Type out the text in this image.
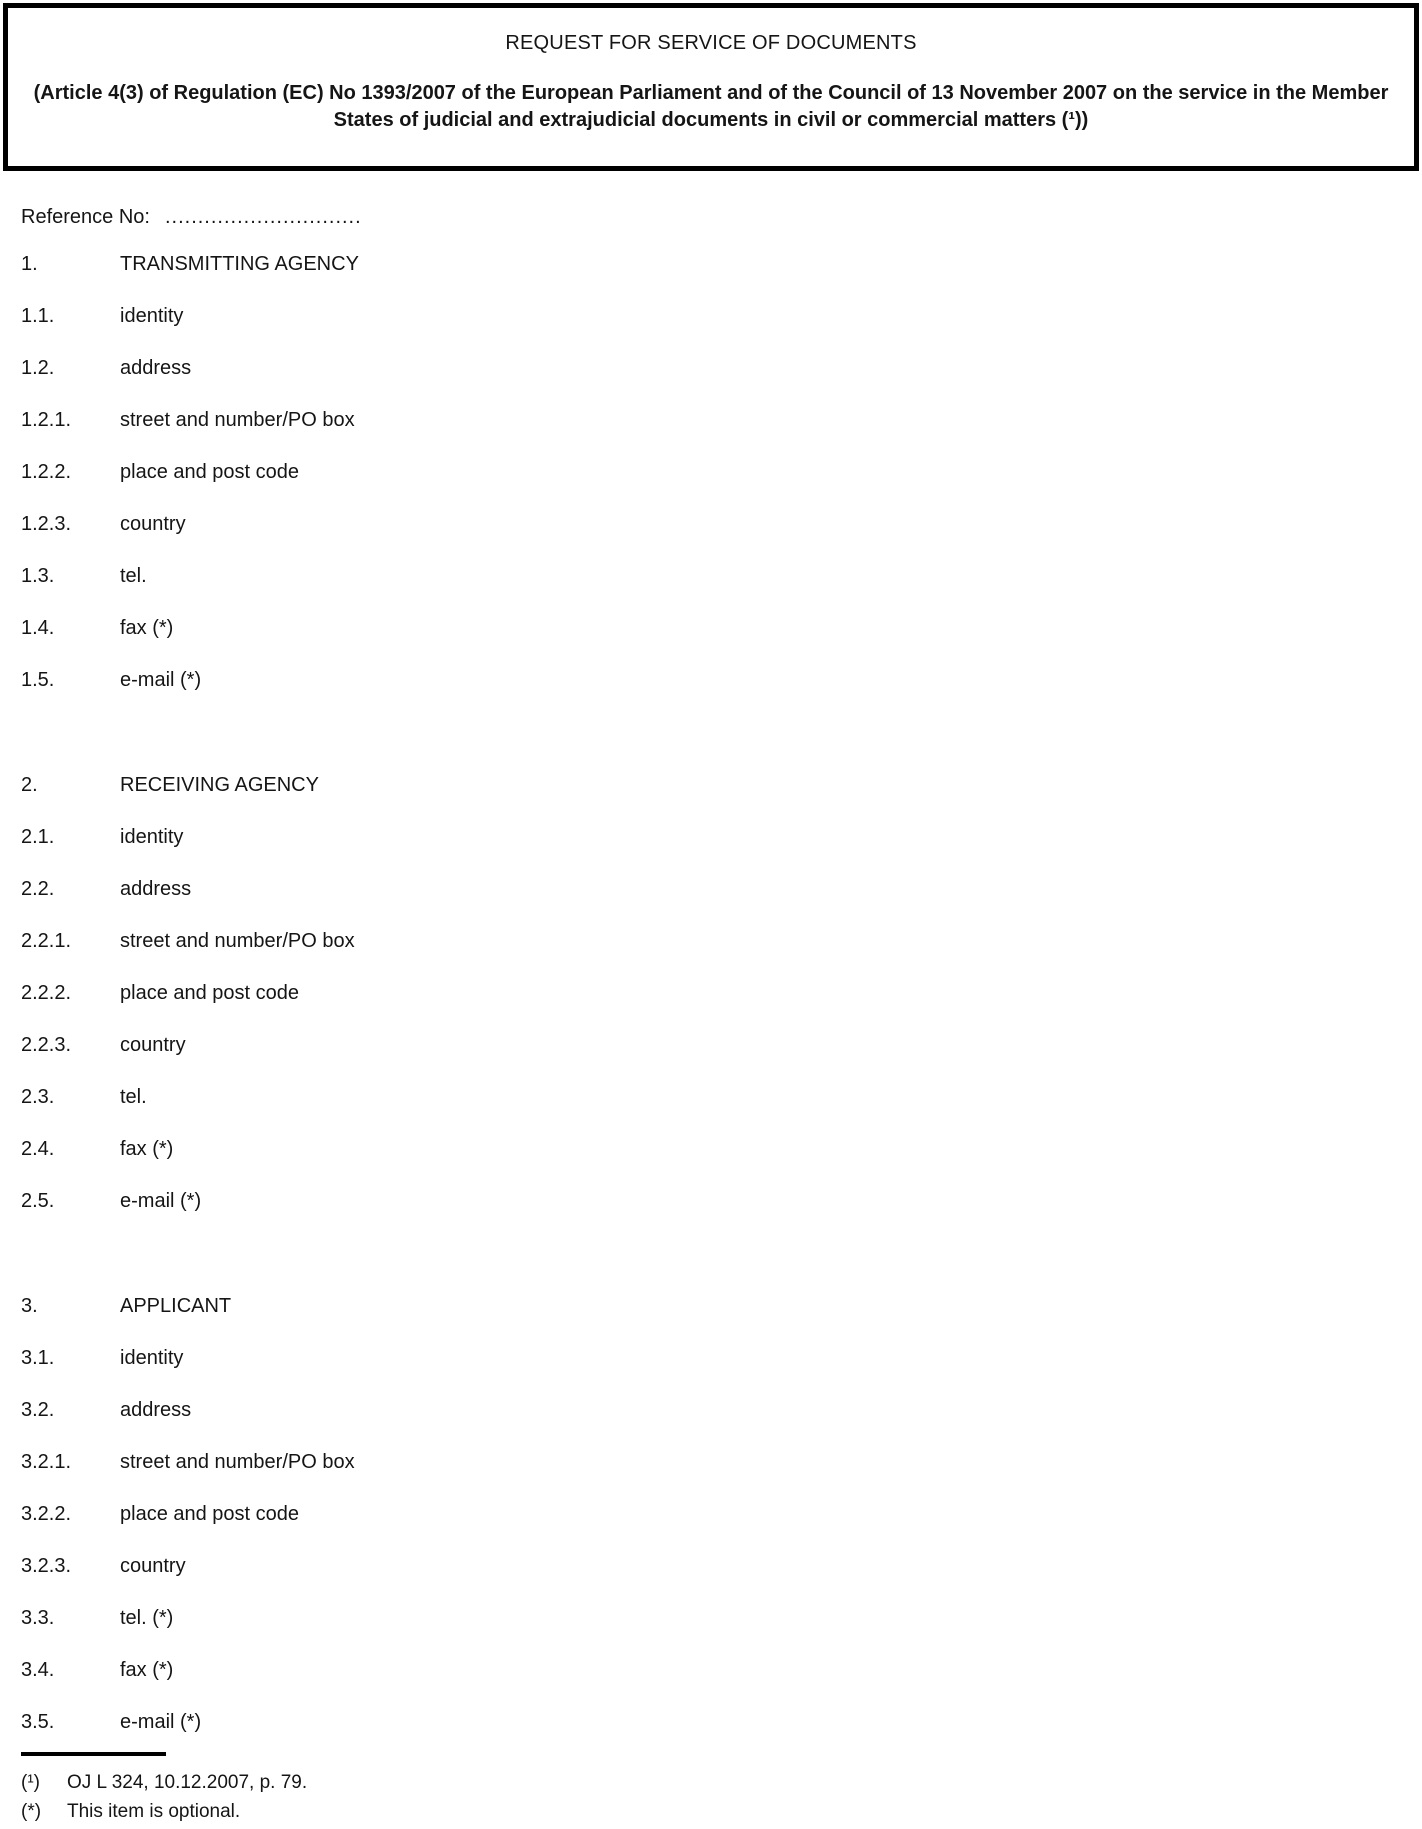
REQUEST FOR SERVICE OF DOCUMENTS
(Article 4(3) of Regulation (EC) No 1393/2007 of the European Parliament and of the Council of 13 November 2007 on the service in the Member States of judicial and extrajudicial documents in civil or commercial matters (¹))
Reference No: ..............................
1.	TRANSMITTING AGENCY
1.1.	identity
1.2.	address
1.2.1.	street and number/PO box
1.2.2.	place and post code
1.2.3.	country
1.3.	tel.
1.4.	fax (*)
1.5.	e-mail (*)
2.	RECEIVING AGENCY
2.1.	identity
2.2.	address
2.2.1.	street and number/PO box
2.2.2.	place and post code
2.2.3.	country
2.3.	tel.
2.4.	fax (*)
2.5.	e-mail (*)
3.	APPLICANT
3.1.	identity
3.2.	address
3.2.1.	street and number/PO box
3.2.2.	place and post code
3.2.3.	country
3.3.	tel. (*)
3.4.	fax (*)
3.5.	e-mail (*)
(¹)	OJ L 324, 10.12.2007, p. 79.
(*)	This item is optional.
